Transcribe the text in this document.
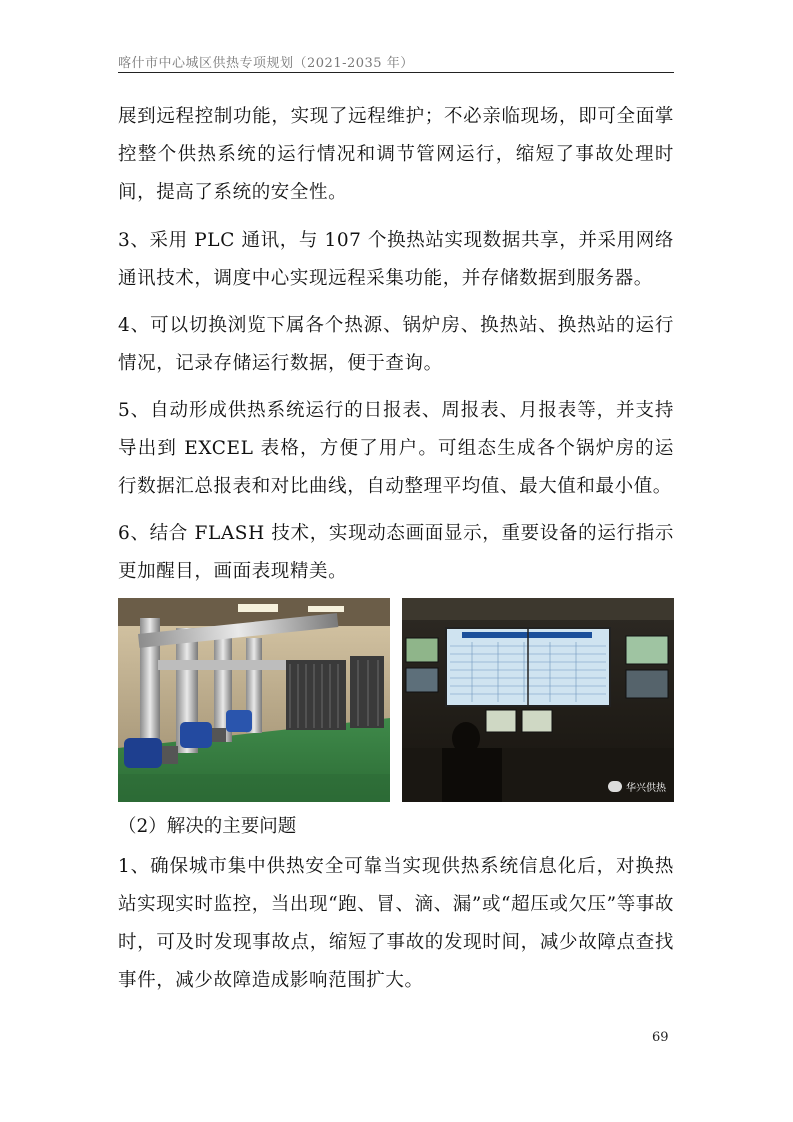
喀什市中心城区供热专项规划（2021-2035 年）

展到远程控制功能，实现了远程维护；不必亲临现场，即可全面掌控整个供热系统的运行情况和调节管网运行，缩短了事故处理时间，提高了系统的安全性。

3、采用 PLC 通讯，与 107 个换热站实现数据共享，并采用网络通讯技术，调度中心实现远程采集功能，并存储数据到服务器。

4、可以切换浏览下属各个热源、锅炉房、换热站、换热站的运行情况，记录存储运行数据，便于查询。

5、自动形成供热系统运行的日报表、周报表、月报表等，并支持导出到 EXCEL 表格，方便了用户。可组态生成各个锅炉房的运行数据汇总报表和对比曲线，自动整理平均值、最大值和最小值。

6、结合 FLASH 技术，实现动态画面显示，重要设备的运行指示更加醒目，画面表现精美。

华兴供热
（2）解决的主要问题

1、确保城市集中供热安全可靠当实现供热系统信息化后，对换热站实现实时监控，当出现“跑、冒、滴、漏”或“超压或欠压”等事故时，可及时发现事故点，缩短了事故的发现时间，减少故障点查找事件，减少故障造成影响范围扩大。

69
